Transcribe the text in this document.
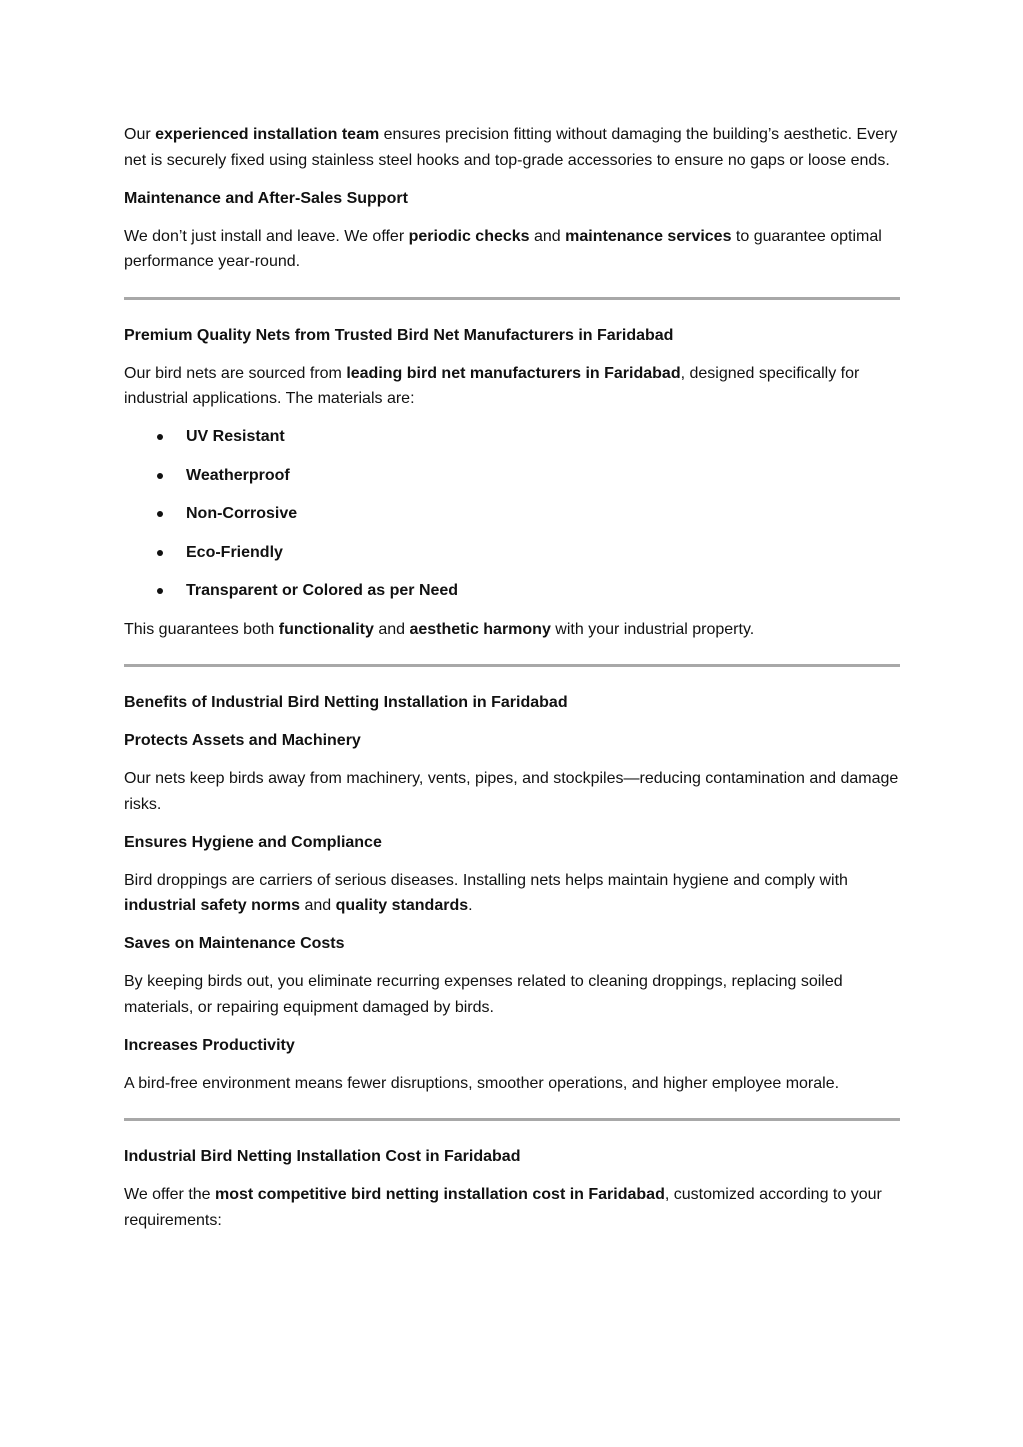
Our experienced installation team ensures precision fitting without damaging the building’s aesthetic. Every net is securely fixed using stainless steel hooks and top-grade accessories to ensure no gaps or loose ends.

Maintenance and After-Sales Support

We don’t just install and leave. We offer periodic checks and maintenance services to guarantee optimal performance year-round.

Premium Quality Nets from Trusted Bird Net Manufacturers in Faridabad

Our bird nets are sourced from leading bird net manufacturers in Faridabad, designed specifically for industrial applications. The materials are:

UV Resistant
Weatherproof
Non-Corrosive
Eco-Friendly
Transparent or Colored as per Need

This guarantees both functionality and aesthetic harmony with your industrial property.

Benefits of Industrial Bird Netting Installation in Faridabad
Protects Assets and Machinery

Our nets keep birds away from machinery, vents, pipes, and stockpiles—reducing contamination and damage risks.

Ensures Hygiene and Compliance

Bird droppings are carriers of serious diseases. Installing nets helps maintain hygiene and comply with industrial safety norms and quality standards.

Saves on Maintenance Costs

By keeping birds out, you eliminate recurring expenses related to cleaning droppings, replacing soiled materials, or repairing equipment damaged by birds.

Increases Productivity

A bird-free environment means fewer disruptions, smoother operations, and higher employee morale.

Industrial Bird Netting Installation Cost in Faridabad

We offer the most competitive bird netting installation cost in Faridabad, customized according to your requirements:
